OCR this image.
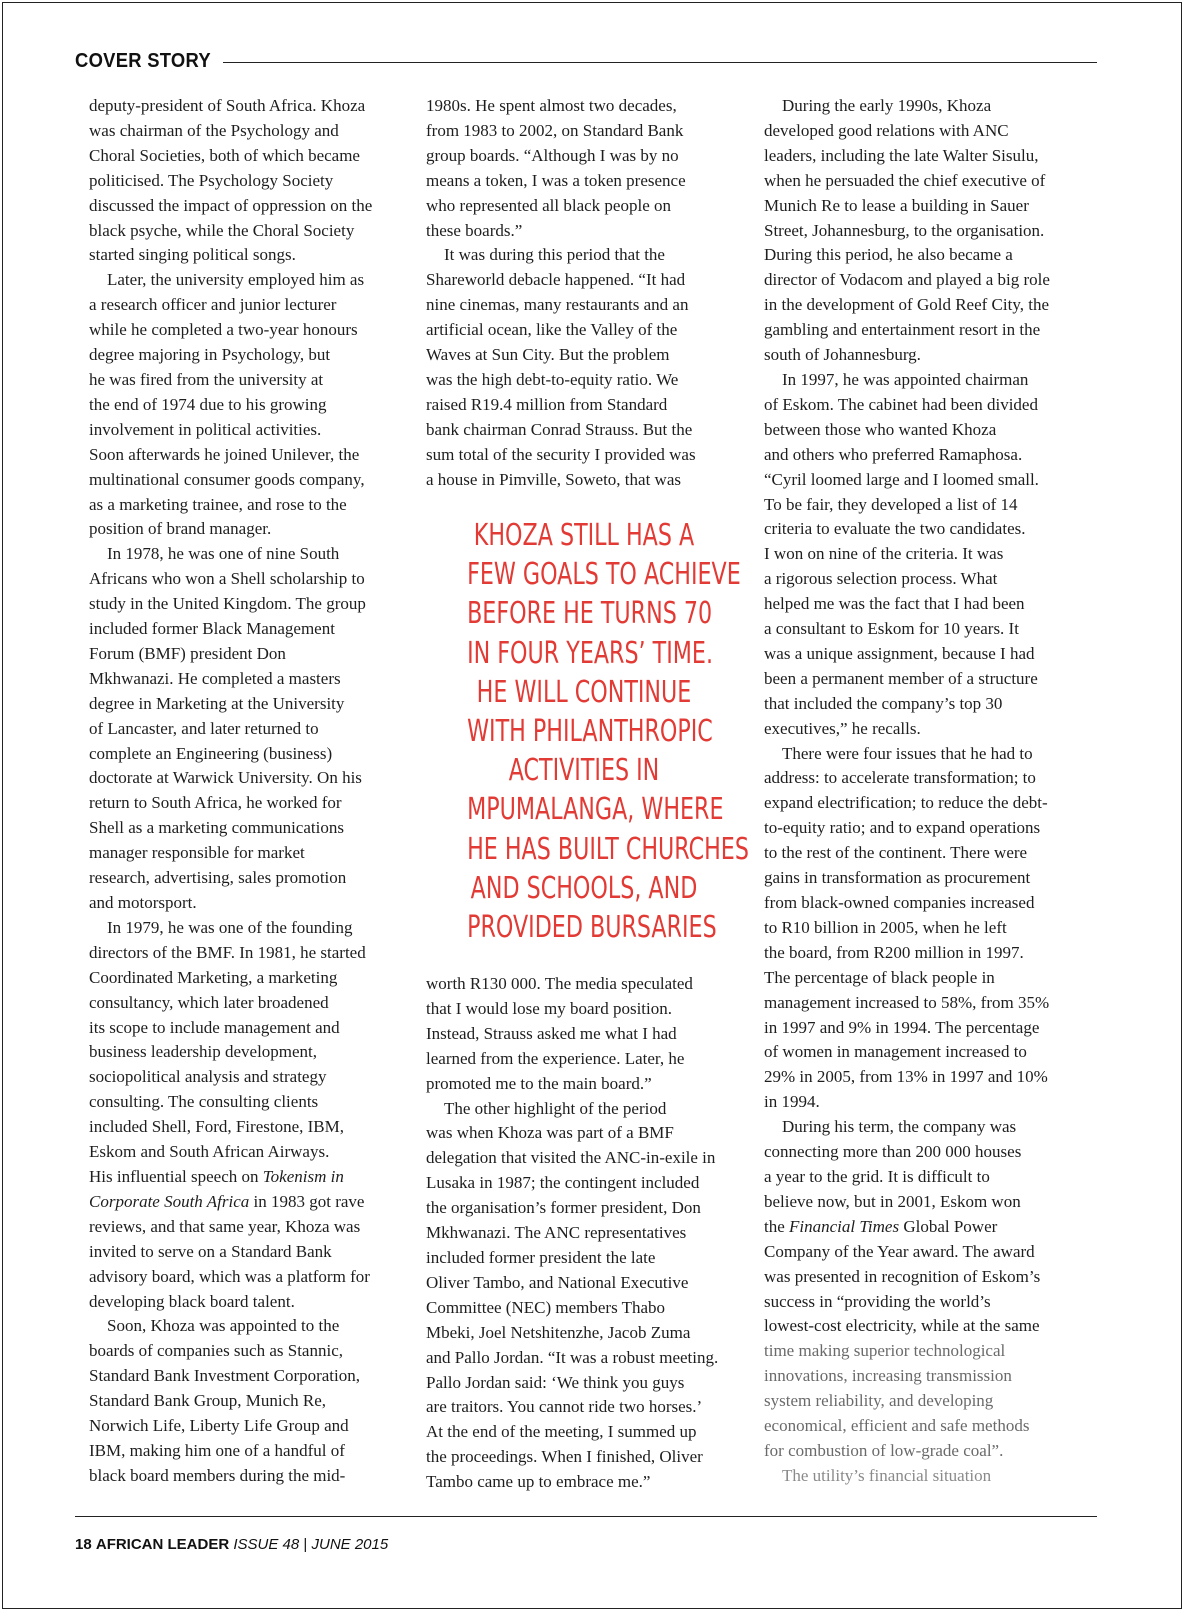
COVER STORY

deputy-president of South Africa. Khoza

was chairman of the Psychology and

Choral Societies, both of which became

politicised. The Psychology Society

discussed the impact of oppression on the

black psyche, while the Choral Society

started singing political songs.

Later, the university employed him as

a research officer and junior lecturer

while he completed a two-year honours

degree majoring in Psychology, but

he was fired from the university at

the end of 1974 due to his growing

involvement in political activities.

Soon afterwards he joined Unilever, the

multinational consumer goods company,

as a marketing trainee, and rose to the

position of brand manager.

In 1978, he was one of nine South

Africans who won a Shell scholarship to

study in the United Kingdom. The group

included former Black Management

Forum (BMF) president Don

Mkhwanazi. He completed a masters

degree in Marketing at the University

of Lancaster, and later returned to

complete an Engineering (business)

doctorate at Warwick University. On his

return to South Africa, he worked for

Shell as a marketing communications

manager responsible for market

research, advertising, sales promotion

and motorsport.

In 1979, he was one of the founding

directors of the BMF. In 1981, he started

Coordinated Marketing, a marketing

consultancy, which later broadened

its scope to include management and

business leadership development,

sociopolitical analysis and strategy

consulting. The consulting clients

included Shell, Ford, Firestone, IBM,

Eskom and South African Airways.

His influential speech on Tokenism in

Corporate South Africa in 1983 got rave

reviews, and that same year, Khoza was

invited to serve on a Standard Bank

advisory board, which was a platform for

developing black board talent.

Soon, Khoza was appointed to the

boards of companies such as Stannic,

Standard Bank Investment Corporation,

Standard Bank Group, Munich Re,

Norwich Life, Liberty Life Group and

IBM, making him one of a handful of

black board members during the mid-

1980s. He spent almost two decades,

from 1983 to 2002, on Standard Bank

group boards. “Although I was by no

means a token, I was a token presence

who represented all black people on

these boards.”

It was during this period that the

Shareworld debacle happened. “It had

nine cinemas, many restaurants and an

artificial ocean, like the Valley of the

Waves at Sun City. But the problem

was the high debt-to-equity ratio. We

raised R19.4 million from Standard

bank chairman Conrad Strauss. But the

sum total of the security I provided was

a house in Pimville, Soweto, that was

KHOZA STILL HAS A
FEW GOALS TO ACHIEVE
BEFORE HE TURNS 70
IN FOUR YEARS’ TIME.
HE WILL CONTINUE
WITH PHILANTHROPIC
ACTIVITIES IN
MPUMALANGA, WHERE
HE HAS BUILT CHURCHES
AND SCHOOLS, AND
PROVIDED BURSARIES

worth R130 000. The media speculated

that I would lose my board position.

Instead, Strauss asked me what I had

learned from the experience. Later, he

promoted me to the main board.”

The other highlight of the period

was when Khoza was part of a BMF

delegation that visited the ANC-in-exile in

Lusaka in 1987; the contingent included

the organisation’s former president, Don

Mkhwanazi. The ANC representatives

included former president the late

Oliver Tambo, and National Executive

Committee (NEC) members Thabo

Mbeki, Joel Netshitenzhe, Jacob Zuma

and Pallo Jordan. “It was a robust meeting.

Pallo Jordan said: ‘We think you guys

are traitors. You cannot ride two horses.’

At the end of the meeting, I summed up

the proceedings. When I finished, Oliver

Tambo came up to embrace me.”

During the early 1990s, Khoza

developed good relations with ANC

leaders, including the late Walter Sisulu,

when he persuaded the chief executive of

Munich Re to lease a building in Sauer

Street, Johannesburg, to the organisation.

During this period, he also became a

director of Vodacom and played a big role

in the development of Gold Reef City, the

gambling and entertainment resort in the

south of Johannesburg.

In 1997, he was appointed chairman

of Eskom. The cabinet had been divided

between those who wanted Khoza

and others who preferred Ramaphosa.

“Cyril loomed large and I loomed small.

To be fair, they developed a list of 14

criteria to evaluate the two candidates.

I won on nine of the criteria. It was

a rigorous selection process. What

helped me was the fact that I had been

a consultant to Eskom for 10 years. It

was a unique assignment, because I had

been a permanent member of a structure

that included the company’s top 30

executives,” he recalls.

There were four issues that he had to

address: to accelerate transformation; to

expand electrification; to reduce the debt-

to-equity ratio; and to expand operations

to the rest of the continent. There were

gains in transformation as procurement

from black-owned companies increased

to R10 billion in 2005, when he left

the board, from R200 million in 1997.

The percentage of black people in

management increased to 58%, from 35%

in 1997 and 9% in 1994. The percentage

of women in management increased to

29% in 2005, from 13% in 1997 and 10%

in 1994.

During his term, the company was

connecting more than 200 000 houses

a year to the grid. It is difficult to

believe now, but in 2001, Eskom won

the Financial Times Global Power

Company of the Year award. The award

was presented in recognition of Eskom’s

success in “providing the world’s

lowest-cost electricity, while at the same

time making superior technological

innovations, increasing transmission

system reliability, and developing

economical, efficient and safe methods

for combustion of low-grade coal”.

The utility’s financial situation

18 AFRICAN LEADER ISSUE 48 | JUNE 2015
